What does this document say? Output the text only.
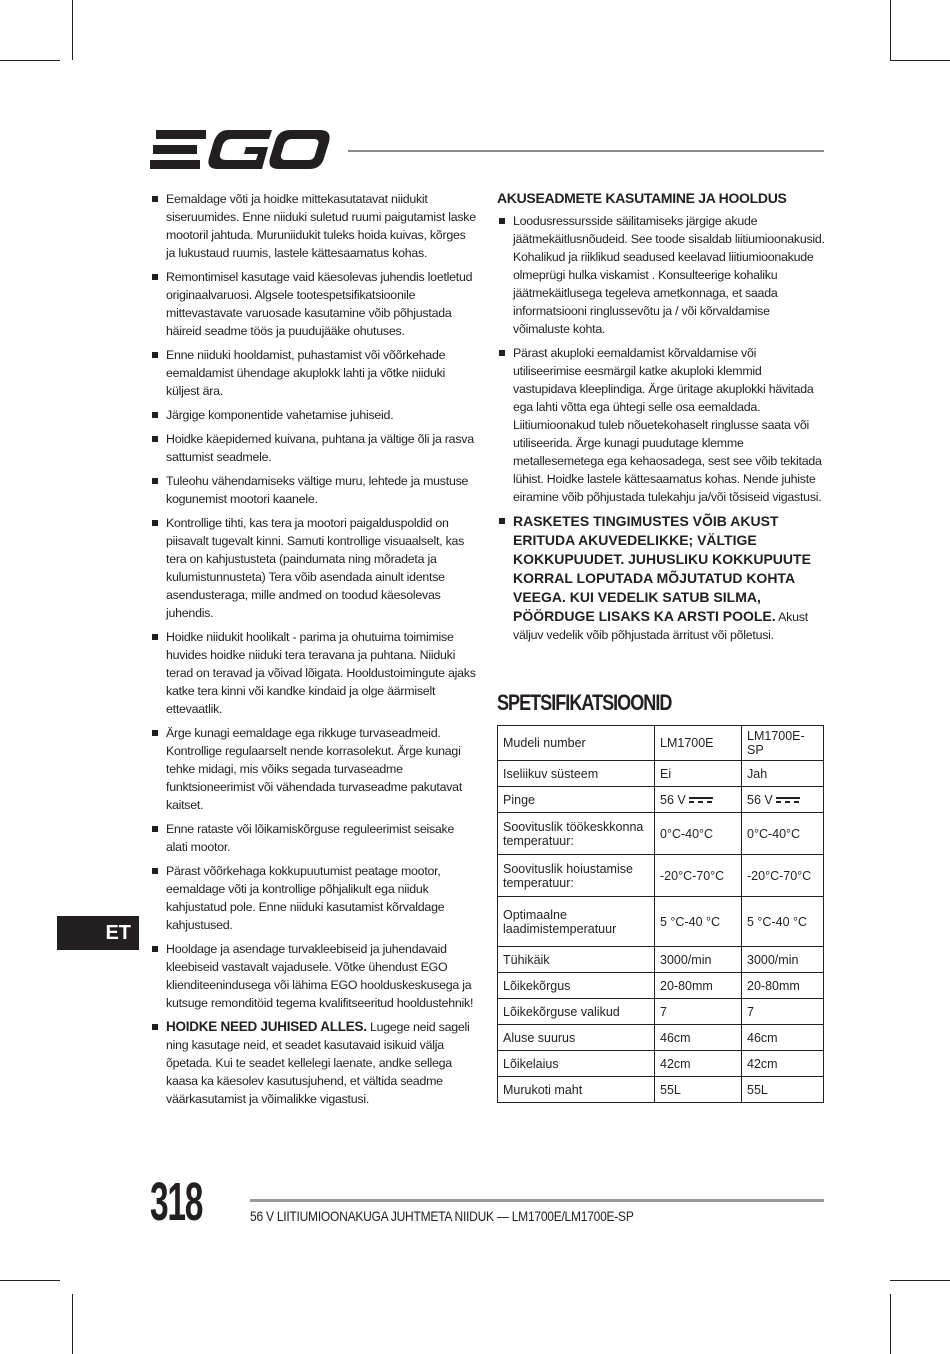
Eemaldage võti ja hoidke mittekasutatavat niidukit siseruumides. Enne niiduki suletud ruumi paigutamist laske mootoril jahtuda. Muruniidukit tuleks hoida kuivas, kõrges ja lukustaud ruumis, lastele kättesaamatus kohas.
Remontimisel kasutage vaid käesolevas juhendis loetletud originaalvaruosi. Algsele tootespetsifikatsioonile mittevastavate varuosade kasutamine võib põhjustada häireid seadme töös ja puudujääke ohutuses.
Enne niiduki hooldamist, puhastamist või võõrkehade eemaldamist ühendage akuplokk lahti ja võtke niiduki küljest ära.
Järgige komponentide vahetamise juhiseid.
Hoidke käepidemed kuivana, puhtana ja vältige õli ja rasva sattumist seadmele.
Tuleohu vähendamiseks vältige muru, lehtede ja mustuse kogunemist mootori kaanele.
Kontrollige tihti, kas tera ja mootori paigalduspoldid on piisavalt tugevalt kinni. Samuti kontrollige visuaalselt, kas tera on kahjustusteta (paindumata ning mõradeta ja kulumistunnusteta) Tera võib asendada ainult identse asendusteraga, mille andmed on toodud käesolevas juhendis.
Hoidke niidukit hoolikalt - parima ja ohutuima toimimise huvides hoidke niiduki tera teravana ja puhtana. Niiduki terad on teravad ja võivad lõigata. Hooldustoimingute ajaks katke tera kinni või kandke kindaid ja olge äärmiselt ettevaatlik.
Ärge kunagi eemaldage ega rikkuge turvaseadmeid. Kontrollige regulaarselt nende korrasolekut. Ärge kunagi tehke midagi, mis võiks segada turvaseadme funktsioneerimist või vähendada turvaseadme pakutavat kaitset.
Enne rataste või lõikamiskõrguse reguleerimist seisake alati mootor.
Pärast võõrkehaga kokkupuutumist peatage mootor, eemaldage võti ja kontrollige põhjalikult ega niiduk kahjustatud pole. Enne niiduki kasutamist kõrvaldage kahjustused.
Hooldage ja asendage turvakleebiseid ja juhendavaid kleebiseid vastavalt vajadusele. Võtke ühendust EGO klienditeenindusega või lähima EGO hoolduskeskusega ja kutsuge remonditöid tegema kvalifitseeritud hooldustehnik!
HOIDKE NEED JUHISED ALLES. Lugege neid sageli ning kasutage neid, et seadet kasutavaid isikuid välja õpetada. Kui te seadet kellelegi laenate, andke sellega kaasa ka käesolev kasutusjuhend, et vältida seadme väärkasutamist ja võimalikke vigastusi.
AKUSEADMETE KASUTAMINE JA HOOLDUS
Loodusressursside säilitamiseks järgige akude jäätmekäitlusnõudeid. See toode sisaldab liitiumioonakusid. Kohalikud ja riiklikud seadused keelavad liitiumioonakude olmeprügi hulka viskamist . Konsulteerige kohaliku jäätmekäitlusega tegeleva ametkonnaga, et saada informatsiooni ringlussevõtu ja / või kõrvaldamise võimaluste kohta.
Pärast akuploki eemaldamist kõrvaldamise või utiliseerimise eesmärgil katke akuploki klemmid vastupidava kleeplindiga. Ärge üritage akuplokki hävitada ega lahti võtta ega ühtegi selle osa eemaldada. Liitiumioonakud tuleb nõuetekohaselt ringlusse saata või utiliseerida. Ärge kunagi puudutage klemme metallesemetega ega kehaosadega, sest see võib tekitada lühist. Hoidke lastele kättesaamatus kohas. Nende juhiste eiramine võib põhjustada tulekahju ja/või tõsiseid vigastusi.
RASKETES TINGIMUSTES VÕIB AKUST ERITUDA AKUVEDELIKKE; VÄLTIGE KOKKUPUUDET. JUHUSLIKU KOKKUPUUTE KORRAL LOPUTADA MÕJUTATUD KOHTA VEEGA. KUI VEDELIK SATUB SILMA, PÖÖRDUGE LISAKS KA ARSTI POOLE. Akust väljuv vedelik võib põhjustada ärritust või põletusi.
SPETSIFIKATSIOONID
Mudeli number	LM1700E	LM1700E-SP
Iseliikuv süsteem	Ei	Jah
Pinge	56 V	56 V
Soovituslik töökeskkonna temperatuur:	0°C-40°C	0°C-40°C
Soovituslik hoiustamise temperatuur:	-20°C-70°C	-20°C-70°C
Optimaalne laadimistemperatuur	5 °C-40 °C	5 °C-40 °C
Tühikäik	3000/min	3000/min
Lõikekõrgus	20-80mm	20-80mm
Lõikekõrguse valikud	7	7
Aluse suurus	46cm	46cm
Lõikelaius	42cm	42cm
Murukoti maht	55L	55L
ET
318	56 V LIITIUMIOONAKUGA JUHTMETA NIIDUK — LM1700E/LM1700E-SP
